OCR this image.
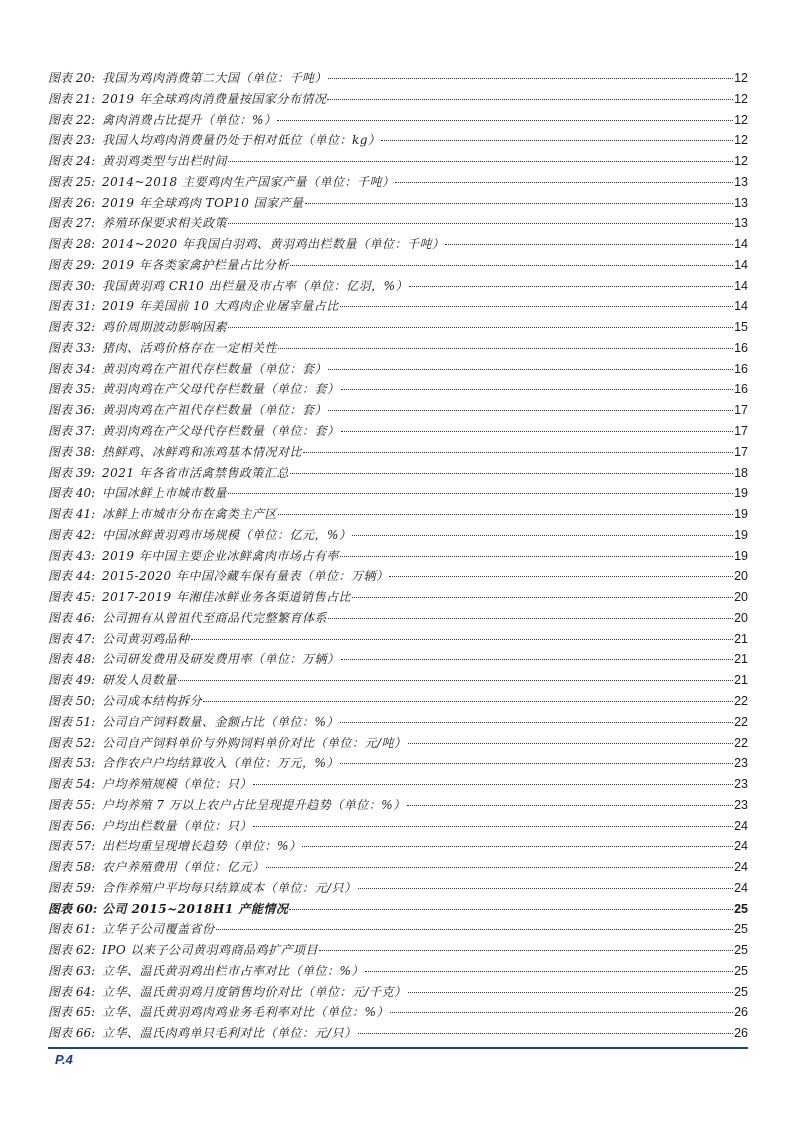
图表 20: 我国为鸡肉消费第二大国（单位：千吨）	12
图表 21: 2019 年全球鸡肉消费量按国家分布情况	12
图表 22: 禽肉消费占比提升（单位：%）	12
图表 23: 我国人均鸡肉消费量仍处于相对低位（单位：kg）	12
图表 24: 黄羽鸡类型与出栏时间	12
图表 25: 2014~2018 主要鸡肉生产国家产量（单位：千吨）	13
图表 26: 2019 年全球鸡肉 TOP10 国家产量	13
图表 27: 养殖环保要求相关政策	13
图表 28: 2014~2020 年我国白羽鸡、黄羽鸡出栏数量（单位：千吨）	14
图表 29: 2019 年各类家禽护栏量占比分析	14
图表 30: 我国黄羽鸡 CR10 出栏量及市占率（单位：亿羽，%）	14
图表 31: 2019 年美国前 10 大鸡肉企业屠宰量占比	14
图表 32: 鸡价周期波动影响因素	15
图表 33: 猪肉、活鸡价格存在一定相关性	16
图表 34: 黄羽肉鸡在产祖代存栏数量（单位：套）	16
图表 35: 黄羽肉鸡在产父母代存栏数量（单位：套）	16
图表 36: 黄羽肉鸡在产祖代存栏数量（单位：套）	17
图表 37: 黄羽肉鸡在产父母代存栏数量（单位：套）	17
图表 38: 热鲜鸡、冰鲜鸡和冻鸡基本情况对比	17
图表 39: 2021 年各省市活禽禁售政策汇总	18
图表 40: 中国冰鲜上市城市数量	19
图表 41: 冰鲜上市城市分布在禽类主产区	19
图表 42: 中国冰鲜黄羽鸡市场规模（单位：亿元，%）	19
图表 43: 2019 年中国主要企业冰鲜禽肉市场占有率	19
图表 44: 2015-2020 年中国冷藏车保有量表（单位：万辆）	20
图表 45: 2017-2019 年湘佳冰鲜业务各渠道销售占比	20
图表 46: 公司拥有从曾祖代至商品代完整繁育体系	20
图表 47: 公司黄羽鸡品种	21
图表 48: 公司研发费用及研发费用率（单位：万辆）	21
图表 49: 研发人员数量	21
图表 50: 公司成本结构拆分	22
图表 51: 公司自产饲料数量、金额占比（单位：%）	22
图表 52: 公司自产饲料单价与外购饲料单价对比（单位：元/吨）	22
图表 53: 合作农户户均结算收入（单位：万元，%）	23
图表 54: 户均养殖规模（单位：只）	23
图表 55: 户均养殖 7 万以上农户占比呈现提升趋势（单位：%）	23
图表 56: 户均出栏数量（单位：只）	24
图表 57: 出栏均重呈现增长趋势（单位：%）	24
图表 58: 农户养殖费用（单位：亿元）	24
图表 59: 合作养殖户平均每只结算成本（单位：元/只）	24
图表 60: 公司 2015~2018H1 产能情况	25
图表 61: 立华子公司覆盖省份	25
图表 62: IPO 以来子公司黄羽鸡商品鸡扩产项目	25
图表 63: 立华、温氏黄羽鸡出栏市占率对比（单位：%）	25
图表 64: 立华、温氏黄羽鸡月度销售均价对比（单位：元/千克）	25
图表 65: 立华、温氏黄羽鸡肉鸡业务毛利率对比（单位：%）	26
图表 66: 立华、温氏肉鸡单只毛利对比（单位：元/只）	26
P.4
